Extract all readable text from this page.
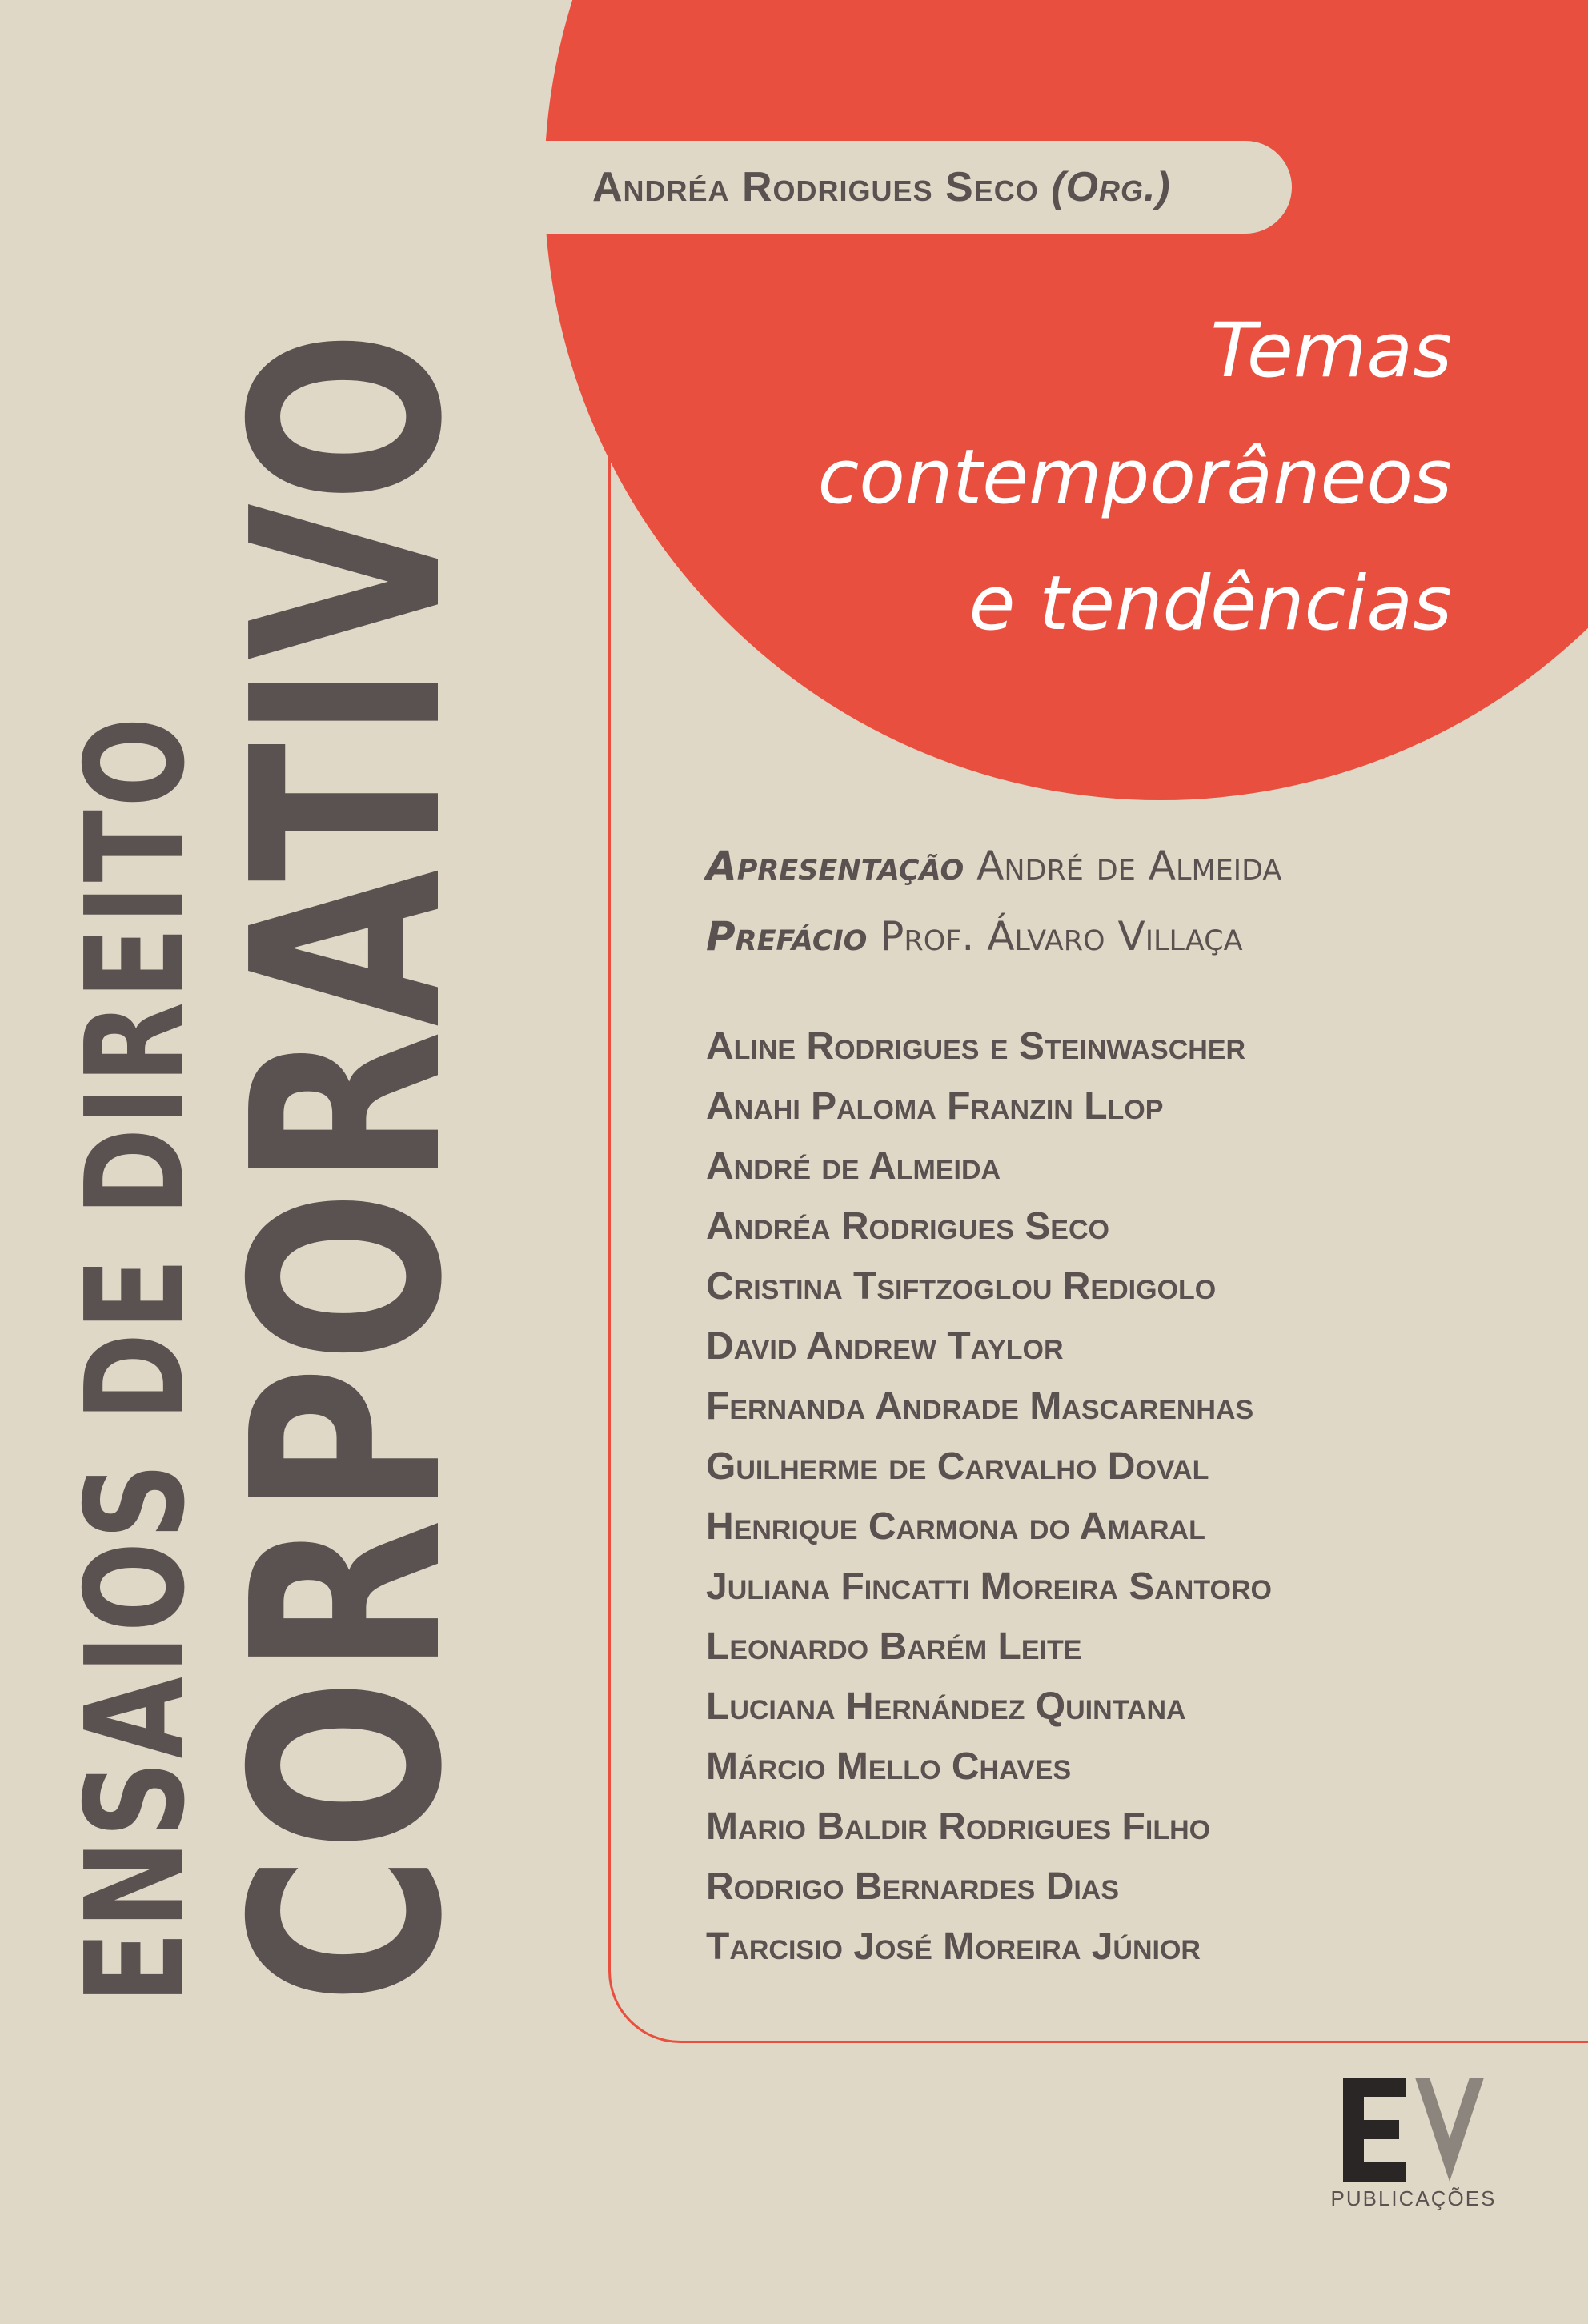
Andréa Rodrigues Seco (Org.)
Temas
contemporâneos
e tendências
ENSAIOS DE DIREITO
CORPORATIVO	Apresentação André de Almeida
Prefácio Prof. Álvaro Villaça
Aline Rodrigues e Steinwascher
Anahi Paloma Franzin Llop
André de Almeida
Andréa Rodrigues Seco
Cristina Tsiftzoglou Redigolo
David Andrew Taylor
Fernanda Andrade Mascarenhas
Guilherme de Carvalho Doval
Henrique Carmona do Amaral
Juliana Fincatti Moreira Santoro
Leonardo Barém Leite
Luciana Hernández Quintana
Márcio Mello Chaves
Mario Baldir Rodrigues Filho
Rodrigo Bernardes Dias
Tarcisio José Moreira Júnior
PUBLICAÇÕES
